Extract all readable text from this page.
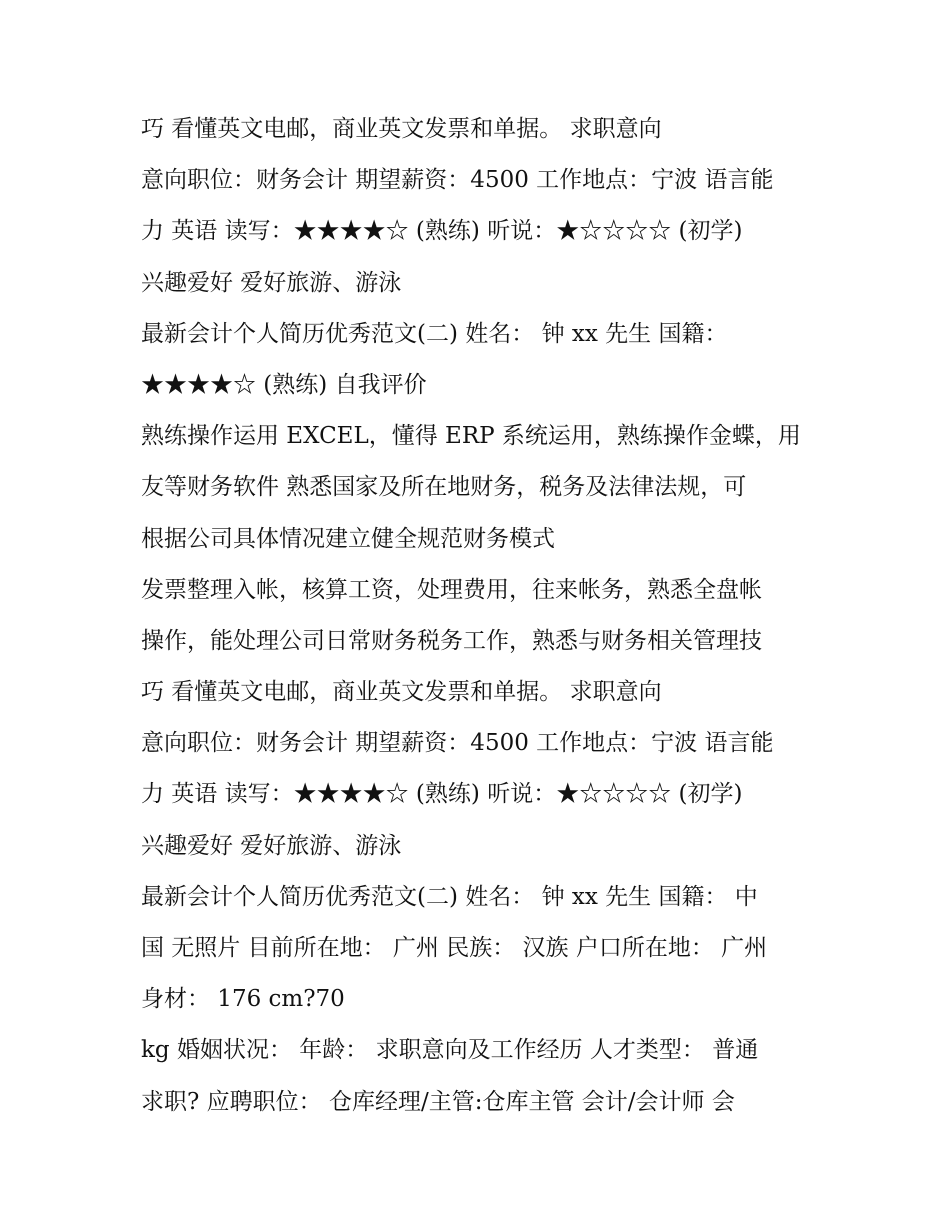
巧 看懂英文电邮，商业英文发票和单据。 求职意向
意向职位：财务会计 期望薪资：4500 工作地点：宁波 语言能
力 英语 读写：★★★★☆ (熟练) 听说：★☆☆☆☆ (初学)
兴趣爱好 爱好旅游、游泳
最新会计个人简历优秀范文(二) 姓名： 钟 xx 先生 国籍：
★★★★☆ (熟练) 自我评价
熟练操作运用 EXCEL，懂得 ERP 系统运用，熟练操作金蝶，用
友等财务软件 熟悉国家及所在地财务，税务及法律法规，可
根据公司具体情况建立健全规范财务模式
发票整理入帐，核算工资，处理费用，往来帐务，熟悉全盘帐
操作，能处理公司日常财务税务工作，熟悉与财务相关管理技
巧 看懂英文电邮，商业英文发票和单据。 求职意向
意向职位：财务会计 期望薪资：4500 工作地点：宁波 语言能
力 英语 读写：★★★★☆ (熟练) 听说：★☆☆☆☆ (初学)
兴趣爱好 爱好旅游、游泳
最新会计个人简历优秀范文(二) 姓名： 钟 xx 先生 国籍： 中
国 无照片 目前所在地： 广州 民族： 汉族 户口所在地： 广州
身材： 176 cm?70
kg 婚姻状况： 年龄： 求职意向及工作经历 人才类型： 普通
求职? 应聘职位： 仓库经理/主管:仓库主管 会计/会计师 会
